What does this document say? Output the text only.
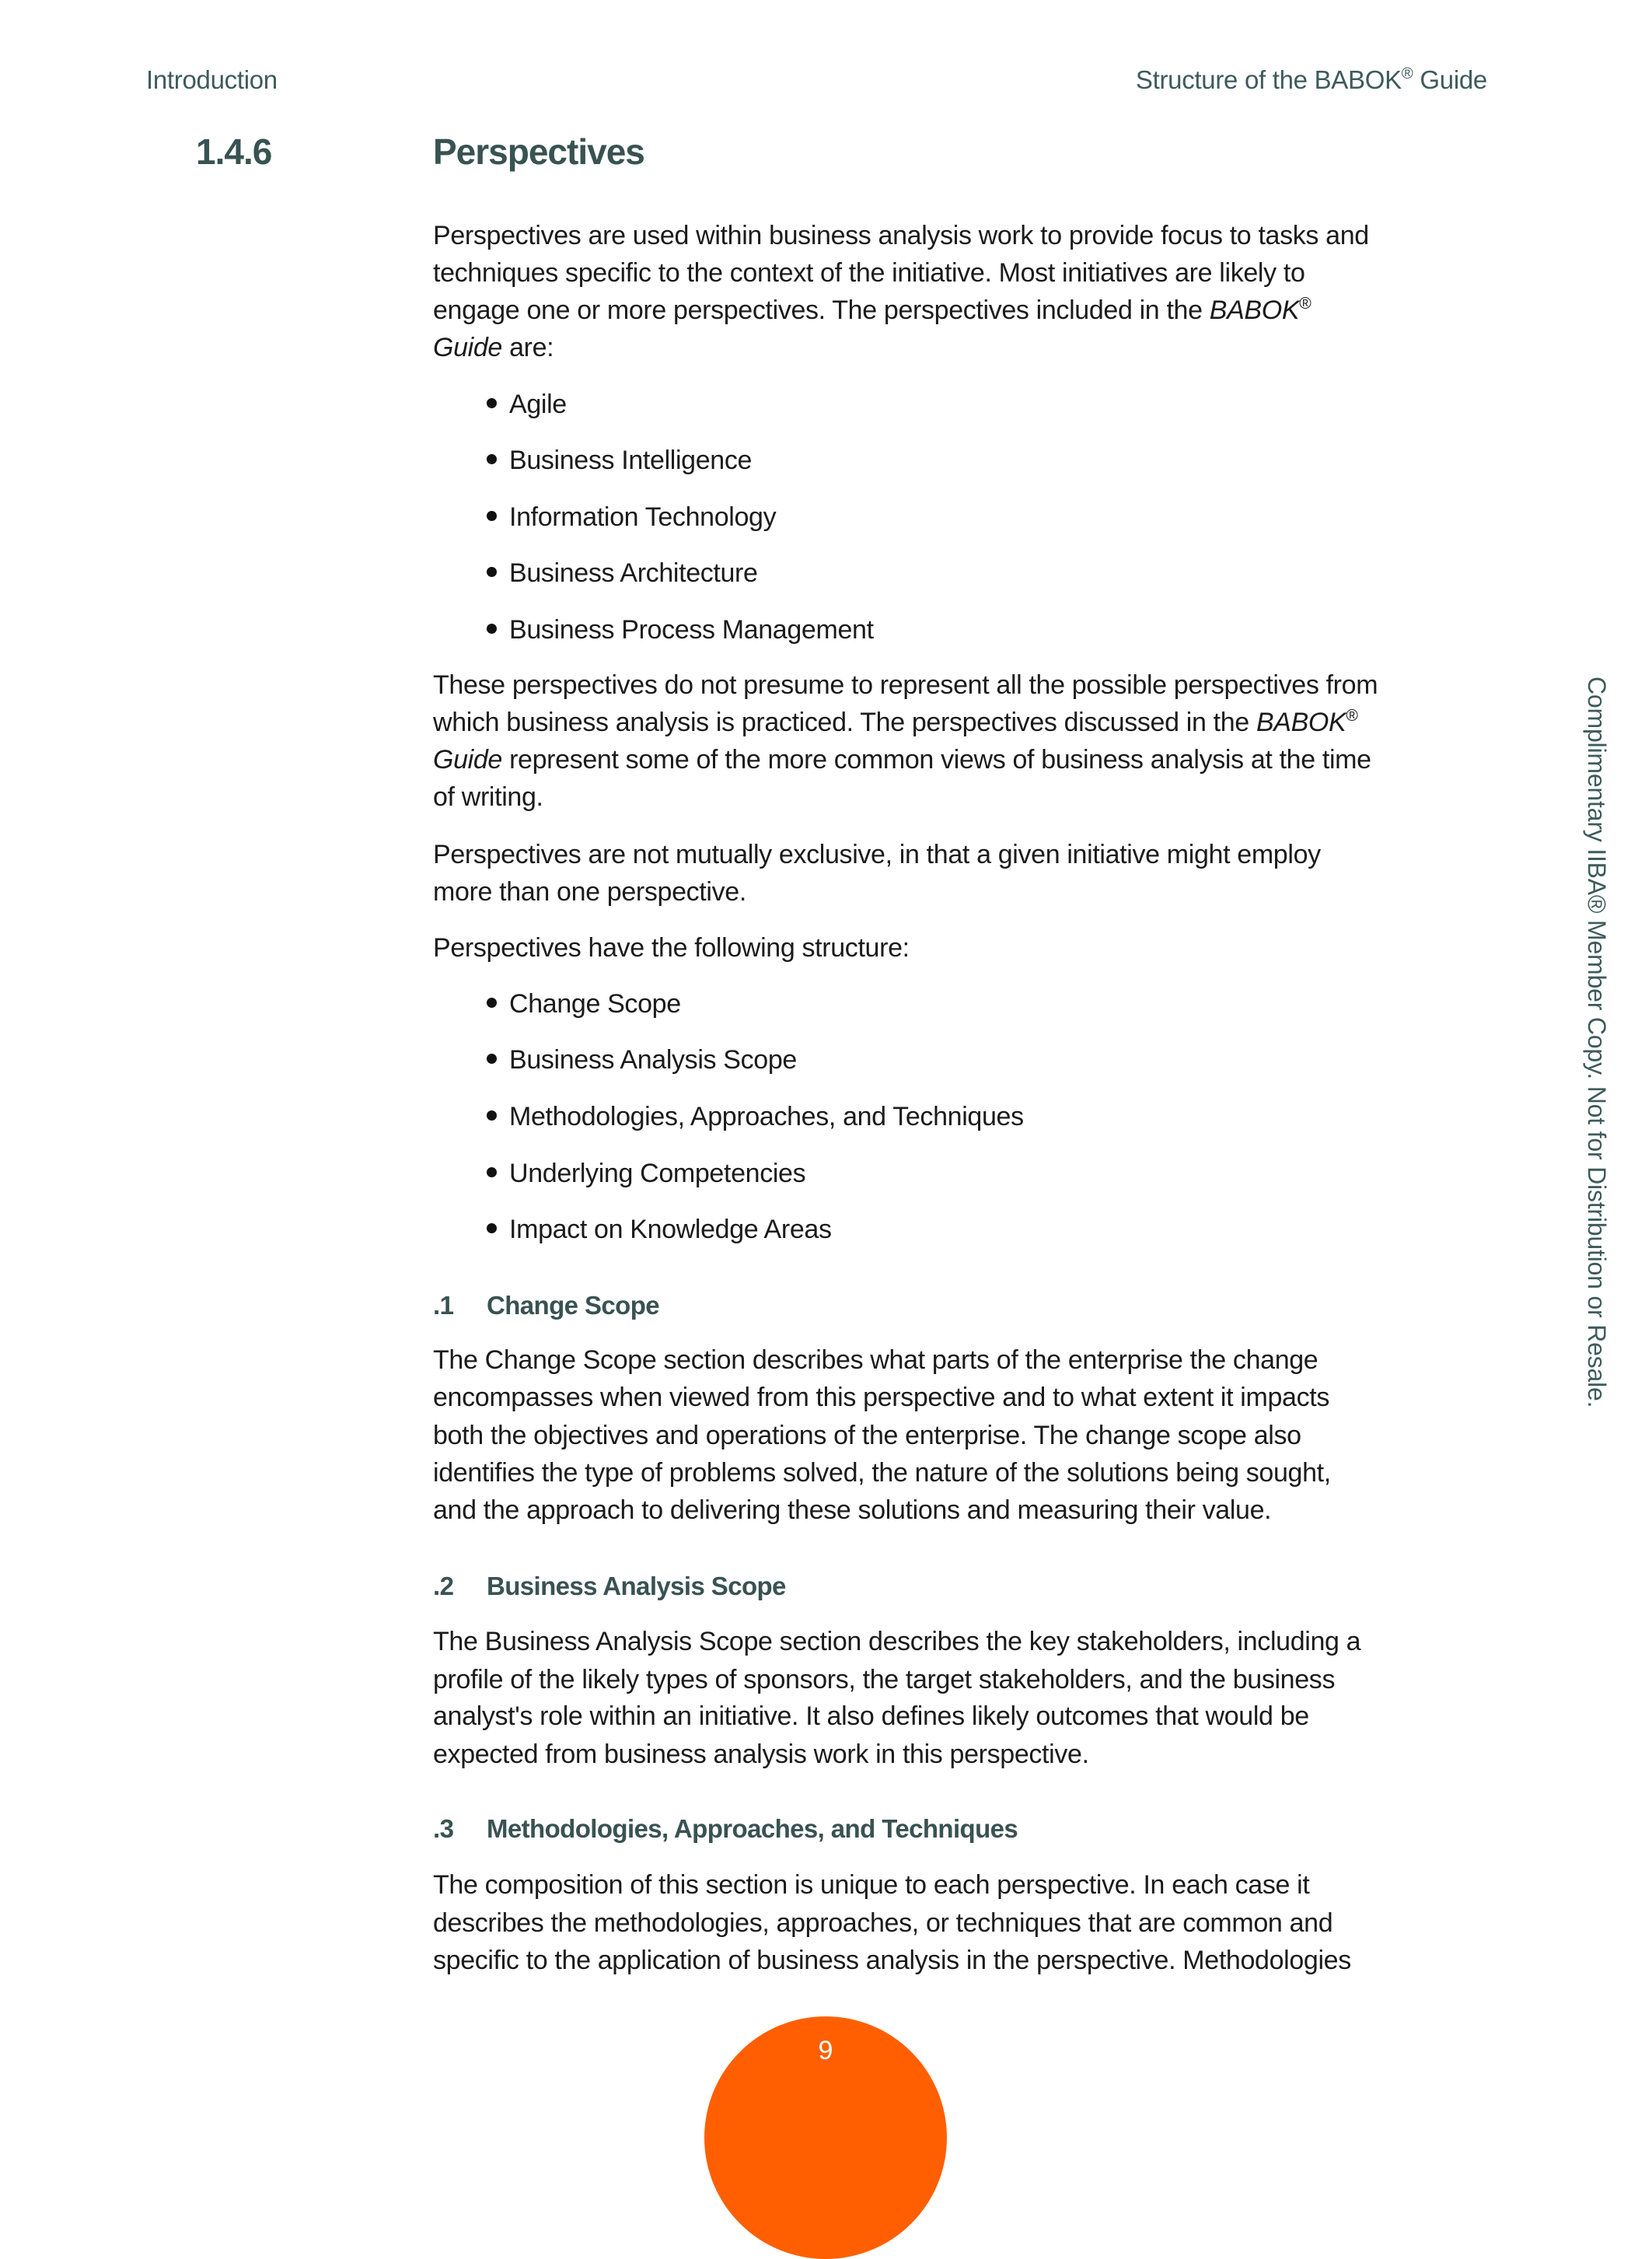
Introduction	Structure of the BABOK® Guide
1.4.6	Perspectives
Perspectives are used within business analysis work to provide focus to tasks and
techniques specific to the context of the initiative. Most initiatives are likely to
engage one or more perspectives. The perspectives included in the BABOK®
Guide are:
Agile
Business Intelligence
Information Technology
Business Architecture
Business Process Management
These perspectives do not presume to represent all the possible perspectives from
which business analysis is practiced. The perspectives discussed in the BABOK®
Guide represent some of the more common views of business analysis at the time
of writing.
Perspectives are not mutually exclusive, in that a given initiative might employ
more than one perspective.
Perspectives have the following structure:
Change Scope
Business Analysis Scope
Methodologies, Approaches, and Techniques
Underlying Competencies
Impact on Knowledge Areas
.1 Change Scope
The Change Scope section describes what parts of the enterprise the change
encompasses when viewed from this perspective and to what extent it impacts
both the objectives and operations of the enterprise. The change scope also
identifies the type of problems solved, the nature of the solutions being sought,
and the approach to delivering these solutions and measuring their value.
.2 Business Analysis Scope
The Business Analysis Scope section describes the key stakeholders, including a
profile of the likely types of sponsors, the target stakeholders, and the business
analyst's role within an initiative. It also defines likely outcomes that would be
expected from business analysis work in this perspective.
.3 Methodologies, Approaches, and Techniques
The composition of this section is unique to each perspective. In each case it
describes the methodologies, approaches, or techniques that are common and
specific to the application of business analysis in the perspective. Methodologies
Complimentary IIBA® Member Copy. Not for Distribution or Resale.
9
